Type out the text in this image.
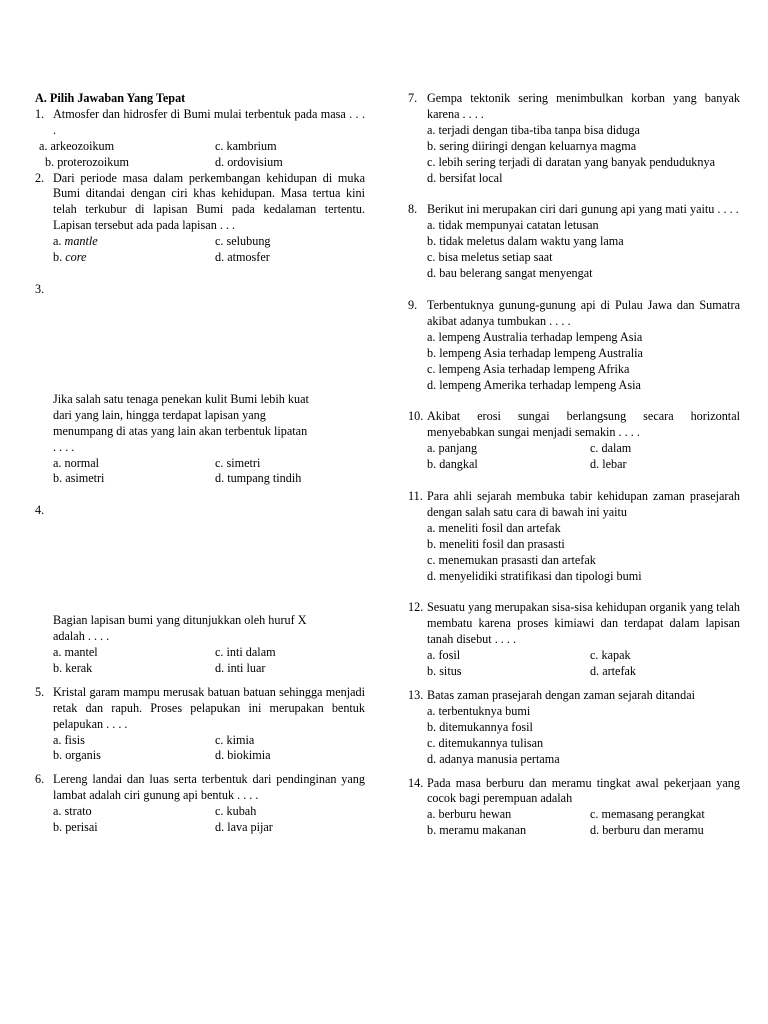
A. Pilih Jawaban Yang Tepat
1. Atmosfer dan hidrosfer di Bumi mulai terbentuk pada masa . . . .
a. arkeozoikum	c. kambrium
b. proterozoikum	d. ordovisium
2. Dari periode masa dalam perkembangan kehidupan di muka Bumi ditandai dengan ciri khas kehidupan. Masa tertua kini telah terkubur di lapisan Bumi pada kedalaman tertentu. Lapisan tersebut ada pada lapisan . . .
a. mantle	c. selubung
b. core	d. atmosfer
3.
Jika salah satu tenaga penekan kulit Bumi lebih kuat dari yang lain, hingga terdapat lapisan yang menumpang di atas yang lain akan terbentuk lipatan . . . .
a. normal	c. simetri
b. asimetri	d. tumpang tindih
4.
Bagian lapisan bumi yang ditunjukkan oleh huruf X adalah . . . .
a. mantel	c. inti dalam
b. kerak	d. inti luar
5. Kristal garam mampu merusak batuan batuan sehingga menjadi retak dan rapuh. Proses pelapukan ini merupakan bentuk pelapukan . . . .
a. fisis	c. kimia
b. organis	d. biokimia
6. Lereng landai dan luas serta terbentuk dari pendinginan yang lambat adalah ciri gunung api bentuk . . . .
a. strato	c. kubah
b. perisai	d. lava pijar
7. Gempa tektonik sering menimbulkan korban yang banyak karena . . . .
a. terjadi dengan tiba-tiba tanpa bisa diduga
b. sering diiringi dengan keluarnya magma
c. lebih sering terjadi di daratan yang banyak penduduknya
d. bersifat local
8. Berikut ini merupakan ciri dari gunung api yang mati yaitu . . . .
a. tidak mempunyai catatan letusan
b. tidak meletus dalam waktu yang lama
c. bisa meletus setiap saat
d. bau belerang sangat menyengat
9. Terbentuknya gunung-gunung api di Pulau Jawa dan Sumatra akibat adanya tumbukan . . . .
a. lempeng Australia terhadap lempeng Asia
b. lempeng Asia terhadap lempeng Australia
c. lempeng Asia terhadap lempeng Afrika
d. lempeng Amerika terhadap lempeng Asia
10. Akibat erosi sungai berlangsung secara horizontal menyebabkan sungai menjadi semakin . . . .
a. panjang	c. dalam
b. dangkal	d. lebar
11. Para ahli sejarah membuka tabir kehidupan zaman prasejarah dengan salah satu cara di bawah ini yaitu
a. meneliti fosil dan artefak
b. meneliti fosil dan prasasti
c. menemukan prasasti dan artefak
d. menyelidiki stratifikasi dan tipologi bumi
12. Sesuatu yang merupakan sisa-sisa kehidupan organik yang telah membatu karena proses kimiawi dan terdapat dalam lapisan tanah disebut . . . .
a. fosil	c. kapak
b. situs	d. artefak
13. Batas zaman prasejarah dengan zaman sejarah ditandai
a. terbentuknya bumi
b. ditemukannya fosil
c. ditemukannya tulisan
d. adanya manusia pertama
14. Pada masa berburu dan meramu tingkat awal pekerjaan yang cocok bagi perempuan adalah
a. berburu hewan	c. memasang perangkat
b. meramu makanan	d. berburu dan meramu
